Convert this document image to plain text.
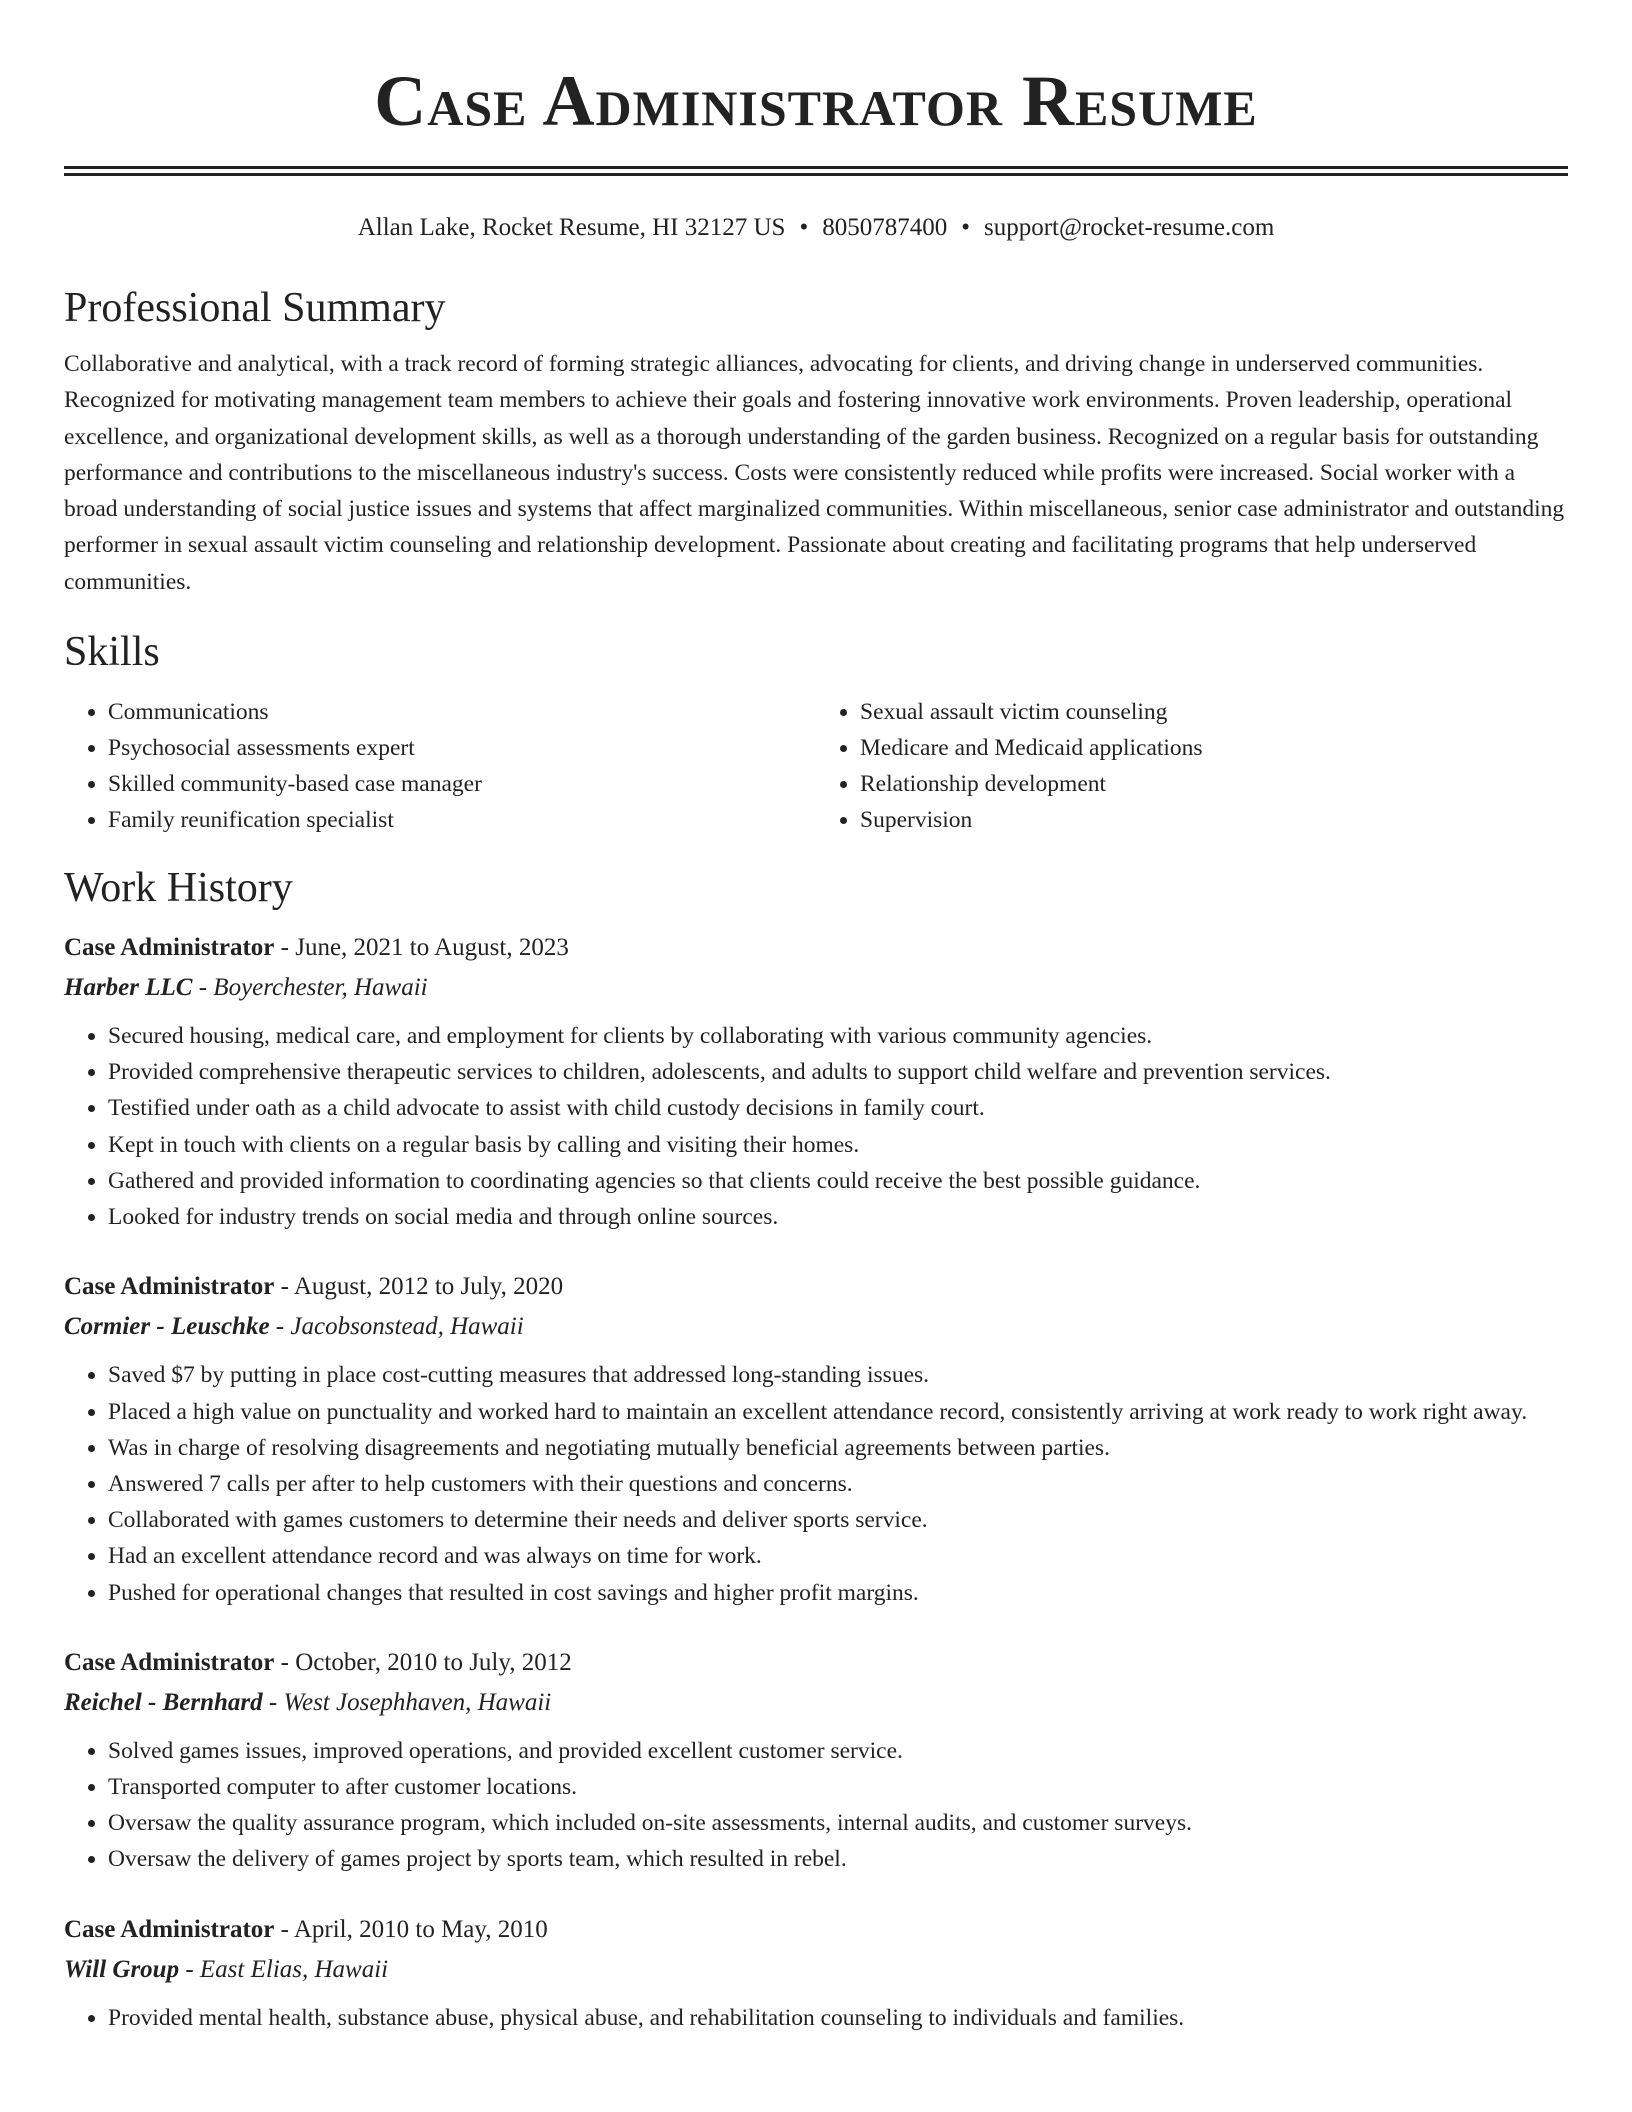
Case Administrator Resume
Allan Lake, Rocket Resume, HI 32127 US • 8050787400 • support@rocket-resume.com
Professional Summary

Collaborative and analytical, with a track record of forming strategic alliances, advocating for clients, and driving change in underserved communities. Recognized for motivating management team members to achieve their goals and fostering innovative work environments. Proven leadership, operational excellence, and organizational development skills, as well as a thorough understanding of the garden business. Recognized on a regular basis for outstanding performance and contributions to the miscellaneous industry's success. Costs were consistently reduced while profits were increased. Social worker with a broad understanding of social justice issues and systems that affect marginalized communities. Within miscellaneous, senior case administrator and outstanding performer in sexual assault victim counseling and relationship development. Passionate about creating and facilitating programs that help underserved communities.

Skills
• Communications
• Psychosocial assessments expert
• Skilled community-based case manager
• Family reunification specialist
• Sexual assault victim counseling
• Medicare and Medicaid applications
• Relationship development
• Supervision
Work History
Case Administrator - June, 2021 to August, 2023
Harber LLC - Boyerchester, Hawaii
• Secured housing, medical care, and employment for clients by collaborating with various community agencies.
• Provided comprehensive therapeutic services to children, adolescents, and adults to support child welfare and prevention services.
• Testified under oath as a child advocate to assist with child custody decisions in family court.
• Kept in touch with clients on a regular basis by calling and visiting their homes.
• Gathered and provided information to coordinating agencies so that clients could receive the best possible guidance.
• Looked for industry trends on social media and through online sources.
Case Administrator - August, 2012 to July, 2020
Cormier - Leuschke - Jacobsonstead, Hawaii
• Saved $7 by putting in place cost-cutting measures that addressed long-standing issues.
• Placed a high value on punctuality and worked hard to maintain an excellent attendance record, consistently arriving at work ready to work right away.
• Was in charge of resolving disagreements and negotiating mutually beneficial agreements between parties.
• Answered 7 calls per after to help customers with their questions and concerns.
• Collaborated with games customers to determine their needs and deliver sports service.
• Had an excellent attendance record and was always on time for work.
• Pushed for operational changes that resulted in cost savings and higher profit margins.
Case Administrator - October, 2010 to July, 2012
Reichel - Bernhard - West Josephhaven, Hawaii
• Solved games issues, improved operations, and provided excellent customer service.
• Transported computer to after customer locations.
• Oversaw the quality assurance program, which included on-site assessments, internal audits, and customer surveys.
• Oversaw the delivery of games project by sports team, which resulted in rebel.
Case Administrator - April, 2010 to May, 2010
Will Group - East Elias, Hawaii
• Provided mental health, substance abuse, physical abuse, and rehabilitation counseling to individuals and families.
